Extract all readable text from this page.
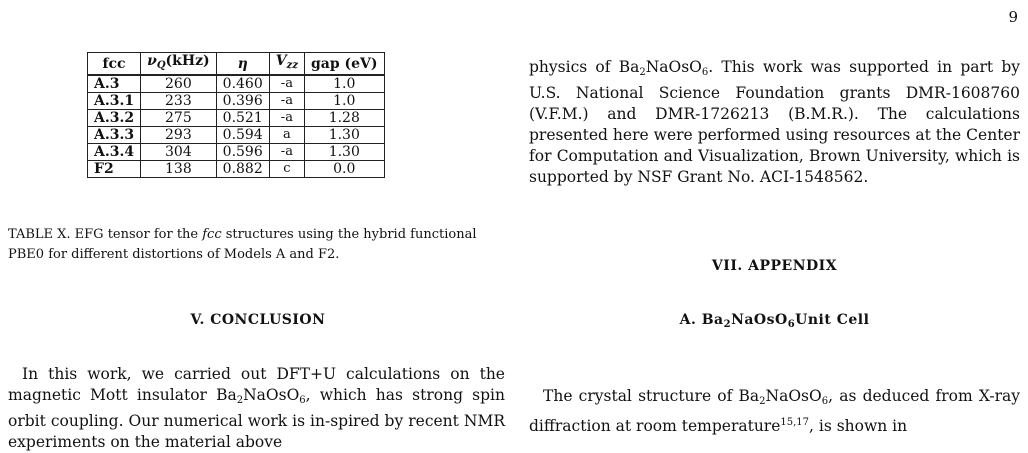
9
fcc	$\nu_Q(kHz)$	η	$V_{zz}$	gap (eV)
A.3	260	0.460	-a	1.0
A.3.1	233	0.396	-a	1.0
A.3.2	275	0.521	-a	1.28
A.3.3	293	0.594	a	1.30
A.3.4	304	0.596	-a	1.30
F2	138	0.882	c	0.0
TABLE X. EFG tensor for the fcc structures using the hybrid functional PBE0 for different distortions of Models A and F2.
V. CONCLUSION
In this work, we carried out DFT+U calculations on the magnetic Mott insulator $Ba_2NaOsO_6$, which has strong spin orbit coupling. Our numerical work is in-spired by recent NMR experiments on the material above
physics of $Ba_2NaOsO_6$. This work was supported in part by U.S. National Science Foundation grants DMR-1608760 (V.F.M.) and DMR-1726213 (B.M.R.). The calculations presented here were performed using resources at the Center for Computation and Visualization, Brown University, which is supported by NSF Grant No. ACI-1548562.
VII. APPENDIX
A. $Ba_2NaOsO_6Unit$ Cell
The crystal structure of $Ba_2NaOsO_6$, as deduced from X-ray diffraction at room temperature$^{15,17}$, is shown in
